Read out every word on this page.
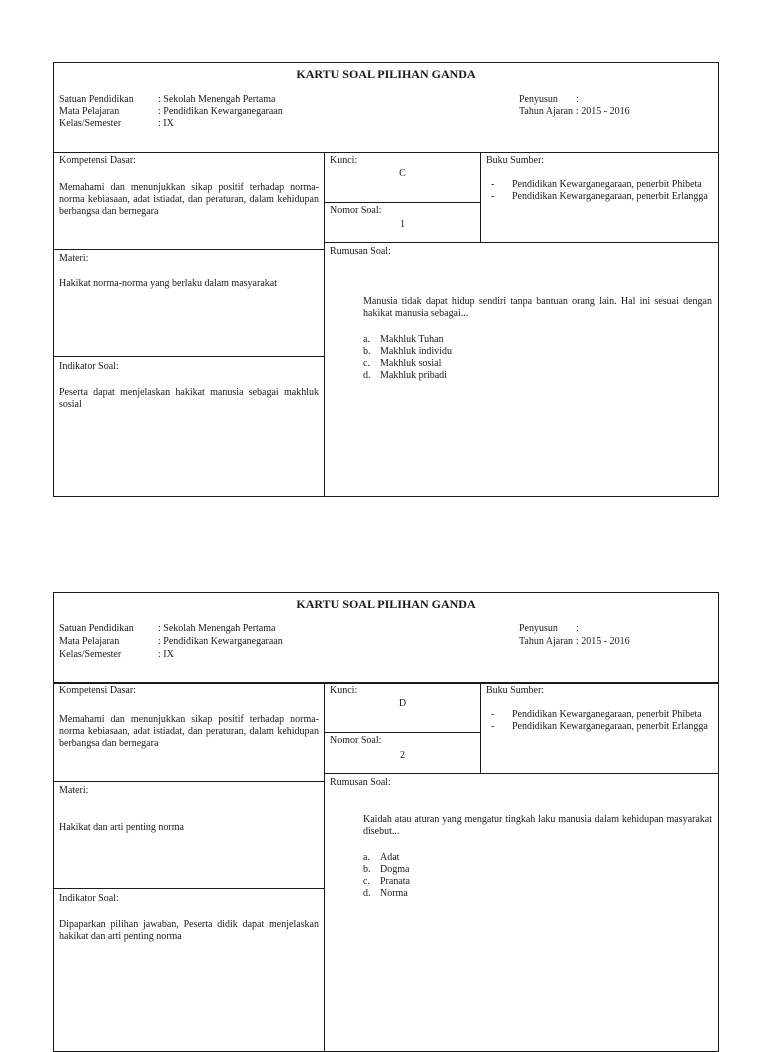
KARTU SOAL PILIHAN GANDA
Satuan Pendidikan : Sekolah Menengah Pertama
Mata Pelajaran	: Pendidikan Kewarganegaraan
Kelas/Semester	: IX
Penyusun :
Tahun Ajaran : 2015 - 2016
Kompetensi Dasar:
Memahami dan menunjukkan sikap positif terhadap norma-norma kebiasaan, adat istiadat, dan peraturan, dalam kehidupan berbangsa dan bernegara
Kunci:
C
Nomor Soal:
1
Buku Sumber:
- Pendidikan Kewarganegaraan, penerbit Phibeta
- Pendidikan Kewarganegaraan, penerbit Erlangga
Materi:
Hakikat norma-norma yang berlaku dalam masyarakat
Rumusan Soal:
Manusia tidak dapat hidup sendiri tanpa bantuan orang lain. Hal ini sesuai dengan hakikat manusia sebagai...
a. Makhluk Tuhan
b. Makhluk individu
c. Makhluk sosial
d. Makhluk pribadi
Indikator Soal:
Peserta dapat menjelaskan hakikat manusia sebagai makhluk sosial
KARTU SOAL PILIHAN GANDA
Satuan Pendidikan : Sekolah Menengah Pertama
Mata Pelajaran	: Pendidikan Kewarganegaraan
Kelas/Semester	: IX
Penyusun :
Tahun Ajaran : 2015 - 2016
Kompetensi Dasar:
Memahami dan menunjukkan sikap positif terhadap norma-norma kebiasaan, adat istiadat, dan peraturan, dalam kehidupan berbangsa dan bernegara
Kunci:
D
Nomor Soal:
2
Buku Sumber:
- Pendidikan Kewarganegaraan, penerbit Phibeta
- Pendidikan Kewarganegaraan, penerbit Erlangga
Materi:
Hakikat dan arti penting norma
Rumusan Soal:
Kaidah atau aturan yang mengatur tingkah laku manusia dalam kehidupan masyarakat disebut...
a. Adat
b. Dogma
c. Pranata
d. Norma
Indikator Soal:
Dipaparkan pilihan jawaban, Peserta didik dapat menjelaskan hakikat dan arti penting norma
